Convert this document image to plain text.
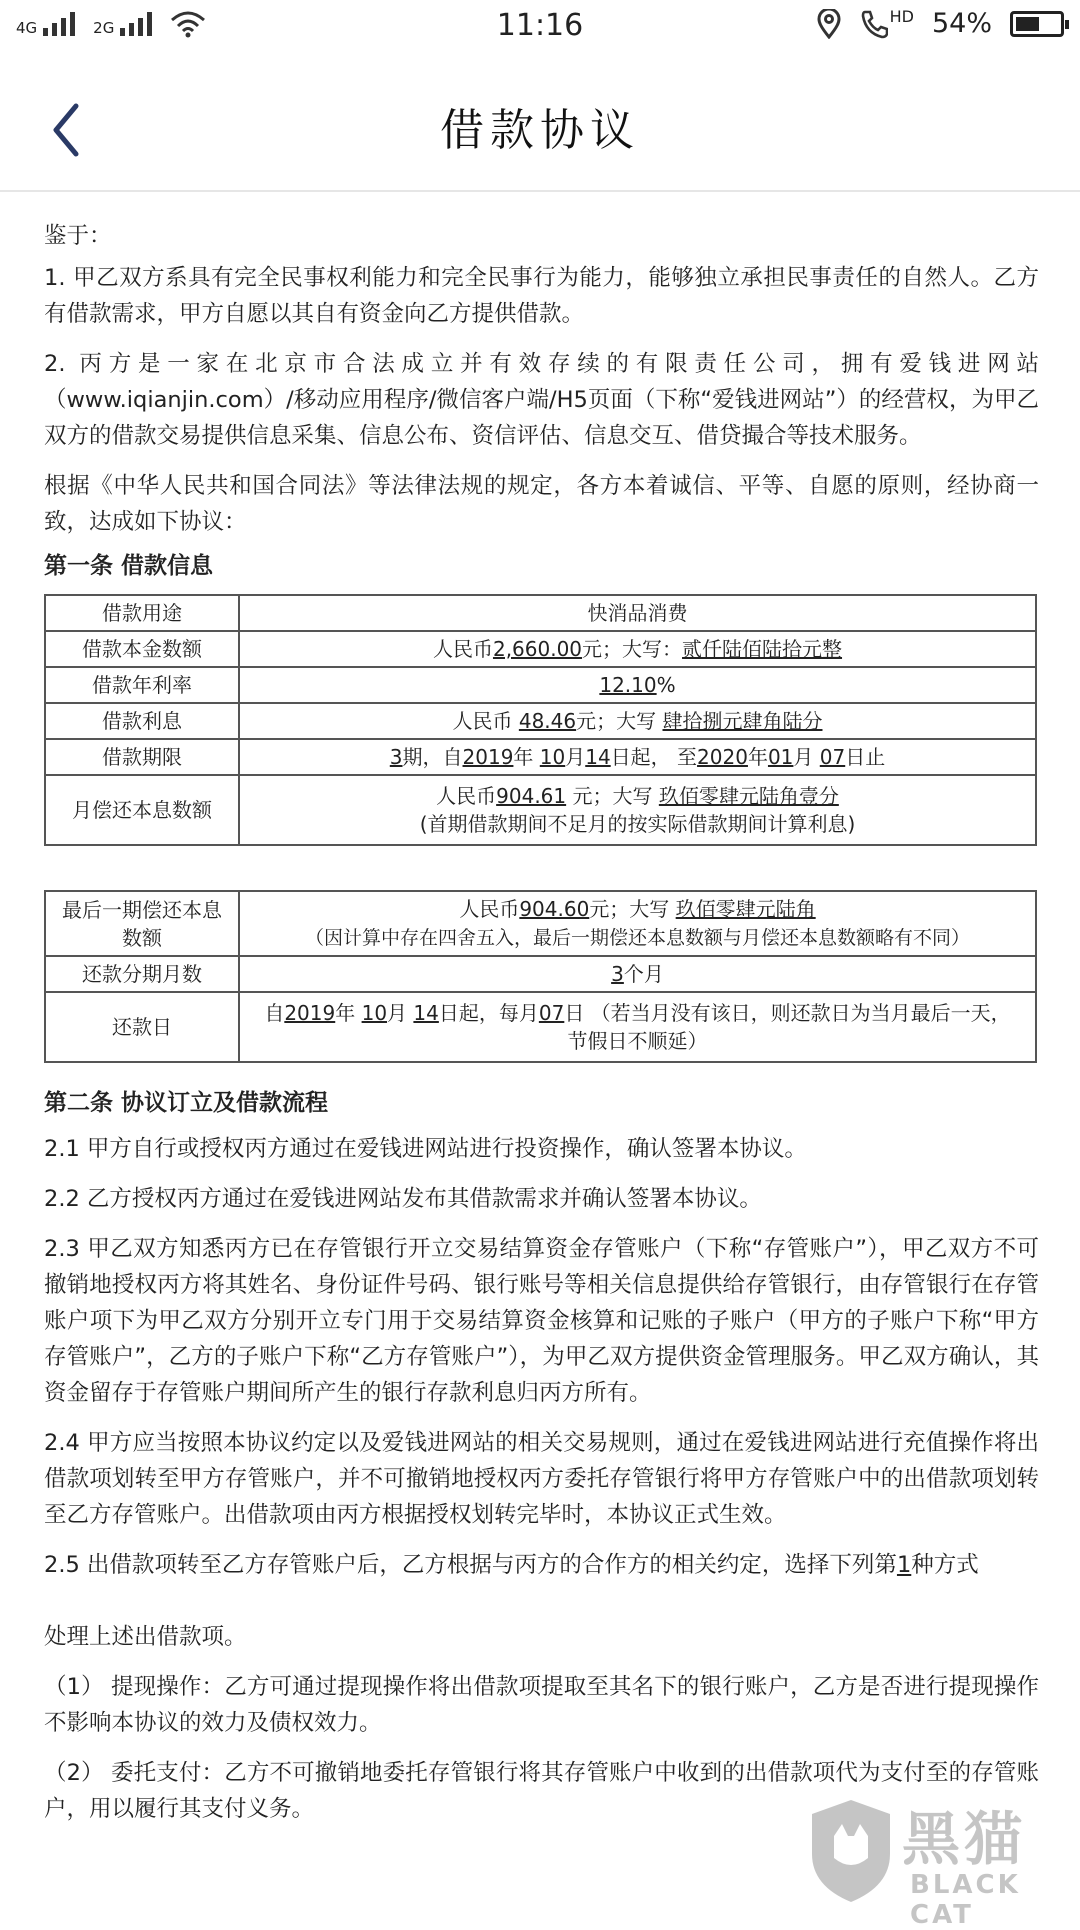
4G	2G	11:16	HD 54%
借款协议

鉴于：

1. 甲乙双方系具有完全民事权利能力和完全民事行为能力，能够独立承担民事责任的自然人。乙方有借款需求，甲方自愿以其自有资金向乙方提供借款。

2. 丙方是一家在北京市合法成立并有效存续的有限责任公司，拥有爱钱进网站（www.iqianjin.com）/移动应用程序/微信客户端/H5页面（下称“爱钱进网站”）的经营权，为甲乙双方的借款交易提供信息采集、信息公布、资信评估、信息交互、借贷撮合等技术服务。

根据《中华人民共和国合同法》等法律法规的规定，各方本着诚信、平等、自愿的原则，经协商一致，达成如下协议：

第一条 借款信息
借款用途	快消品消费
借款本金数额	人民币2,660.00元；大写：贰仟陆佰陆拾元整
借款年利率	12.10%
借款利息	人民币 48.46元；大写 肆拾捌元肆角陆分
借款期限	3期，自2019年 10月14日起， 至2020年01月 07日止
月偿还本息数额	人民币904.61 元；大写 玖佰零肆元陆角壹分
(首期借款期间不足月的按实际借款期间计算利息)
最后一期偿还本息数额	人民币904.60元；大写 玖佰零肆元陆角
（因计算中存在四舍五入，最后一期偿还本息数额与月偿还本息数额略有不同）
还款分期月数	3个月
还款日	自2019年 10月 14日起，每月07日 （若当月没有该日，则还款日为当月最后一天，
节假日不顺延）
第二条 协议订立及借款流程

2.1 甲方自行或授权丙方通过在爱钱进网站进行投资操作，确认签署本协议。

2.2 乙方授权丙方通过在爱钱进网站发布其借款需求并确认签署本协议。

2.3 甲乙双方知悉丙方已在存管银行开立交易结算资金存管账户（下称“存管账户”），甲乙双方不可撤销地授权丙方将其姓名、身份证件号码、银行账号等相关信息提供给存管银行，由存管银行在存管账户项下为甲乙双方分别开立专门用于交易结算资金核算和记账的子账户（甲方的子账户下称“甲方存管账户”，乙方的子账户下称“乙方存管账户”），为甲乙双方提供资金管理服务。甲乙双方确认，其资金留存于存管账户期间所产生的银行存款利息归丙方所有。

2.4 甲方应当按照本协议约定以及爱钱进网站的相关交易规则，通过在爱钱进网站进行充值操作将出借款项划转至甲方存管账户，并不可撤销地授权丙方委托存管银行将甲方存管账户中的出借款项划转至乙方存管账户。出借款项由丙方根据授权划转完毕时，本协议正式生效。

2.5 出借款项转至乙方存管账户后，乙方根据与丙方的合作方的相关约定，选择下列第1种方式

处理上述出借款项。

（1） 提现操作：乙方可通过提现操作将出借款项提取至其名下的银行账户，乙方是否进行提现操作不影响本协议的效力及债权效力。

（2） 委托支付：乙方不可撤销地委托存管银行将其存管账户中收到的出借款项代为支付至的存管账户，用以履行其支付义务。	黑猫
BLACK CAT
